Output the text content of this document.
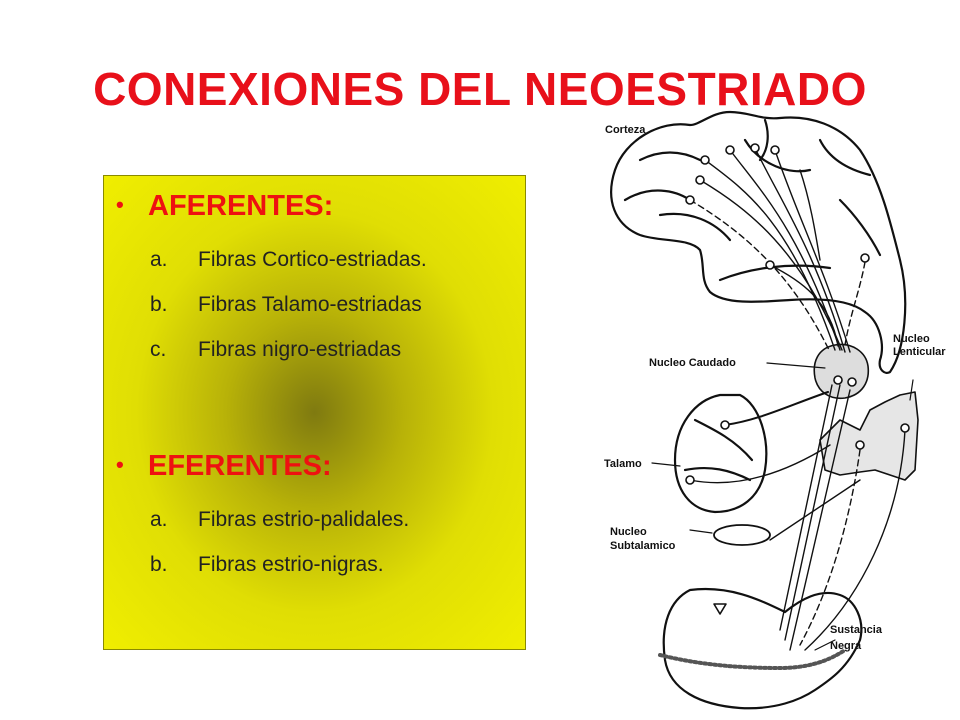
CONEXIONES DEL NEOESTRIADO
• AFERENTES:
a. Fibras Cortico-estriadas.
b. Fibras Talamo-estriadas
c. Fibras nigro-estriadas
• EFERENTES:
a. Fibras estrio-palidales.
b. Fibras estrio-nigras.
Corteza
Nucleo
Lenticular
Nucleo Caudado
Talamo
Nucleo
Subtalamico
Sustancia
Negra
